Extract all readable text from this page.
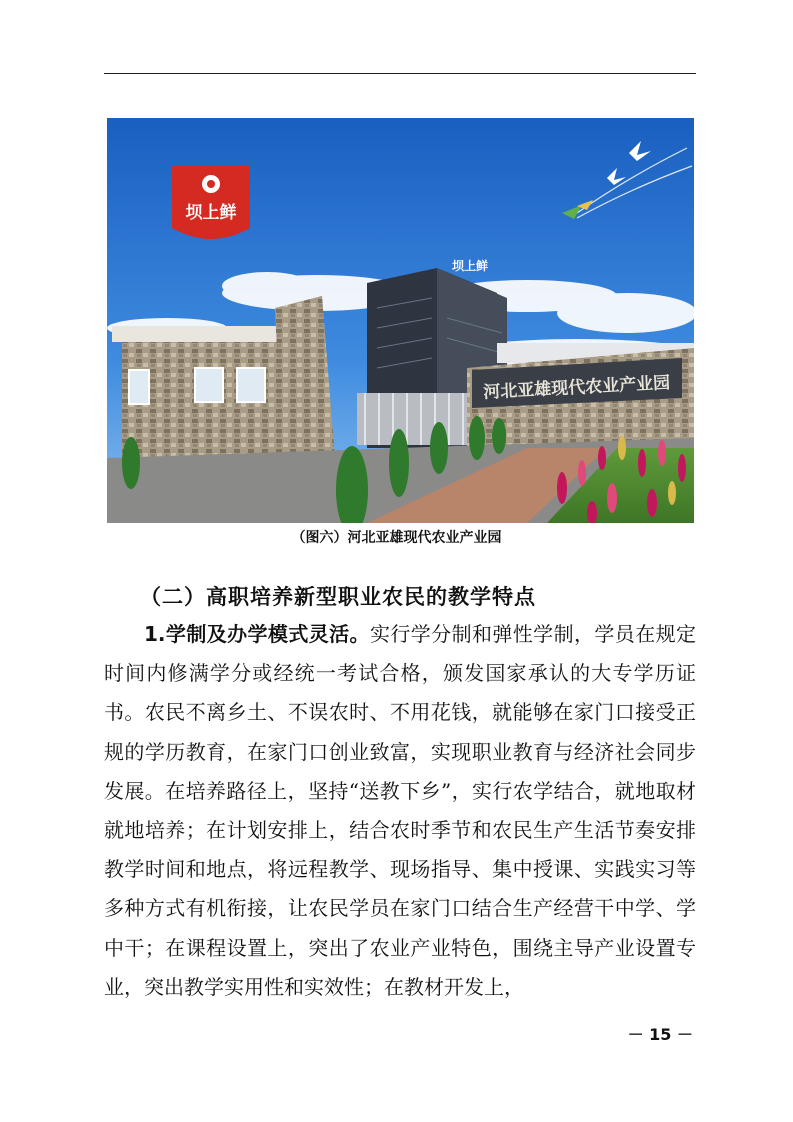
坝上鲜
坝上鲜
河北亚雄现代农业产业园
（图六）河北亚雄现代农业产业园
（二）高职培养新型职业农民的教学特点

1.学制及办学模式灵活。实行学分制和弹性学制，学员在规定时间内修满学分或经统一考试合格，颁发国家承认的大专学历证书。农民不离乡土、不误农时、不用花钱，就能够在家门口接受正规的学历教育，在家门口创业致富，实现职业教育与经济社会同步发展。在培养路径上，坚持“送教下乡”，实行农学结合，就地取材就地培养；在计划安排上，结合农时季节和农民生产生活节奏安排教学时间和地点，将远程教学、现场指导、集中授课、实践实习等多种方式有机衔接，让农民学员在家门口结合生产经营干中学、学中干；在课程设置上，突出了农业产业特色，围绕主导产业设置专业，突出教学实用性和实效性；在教材开发上，

－ 15 －
